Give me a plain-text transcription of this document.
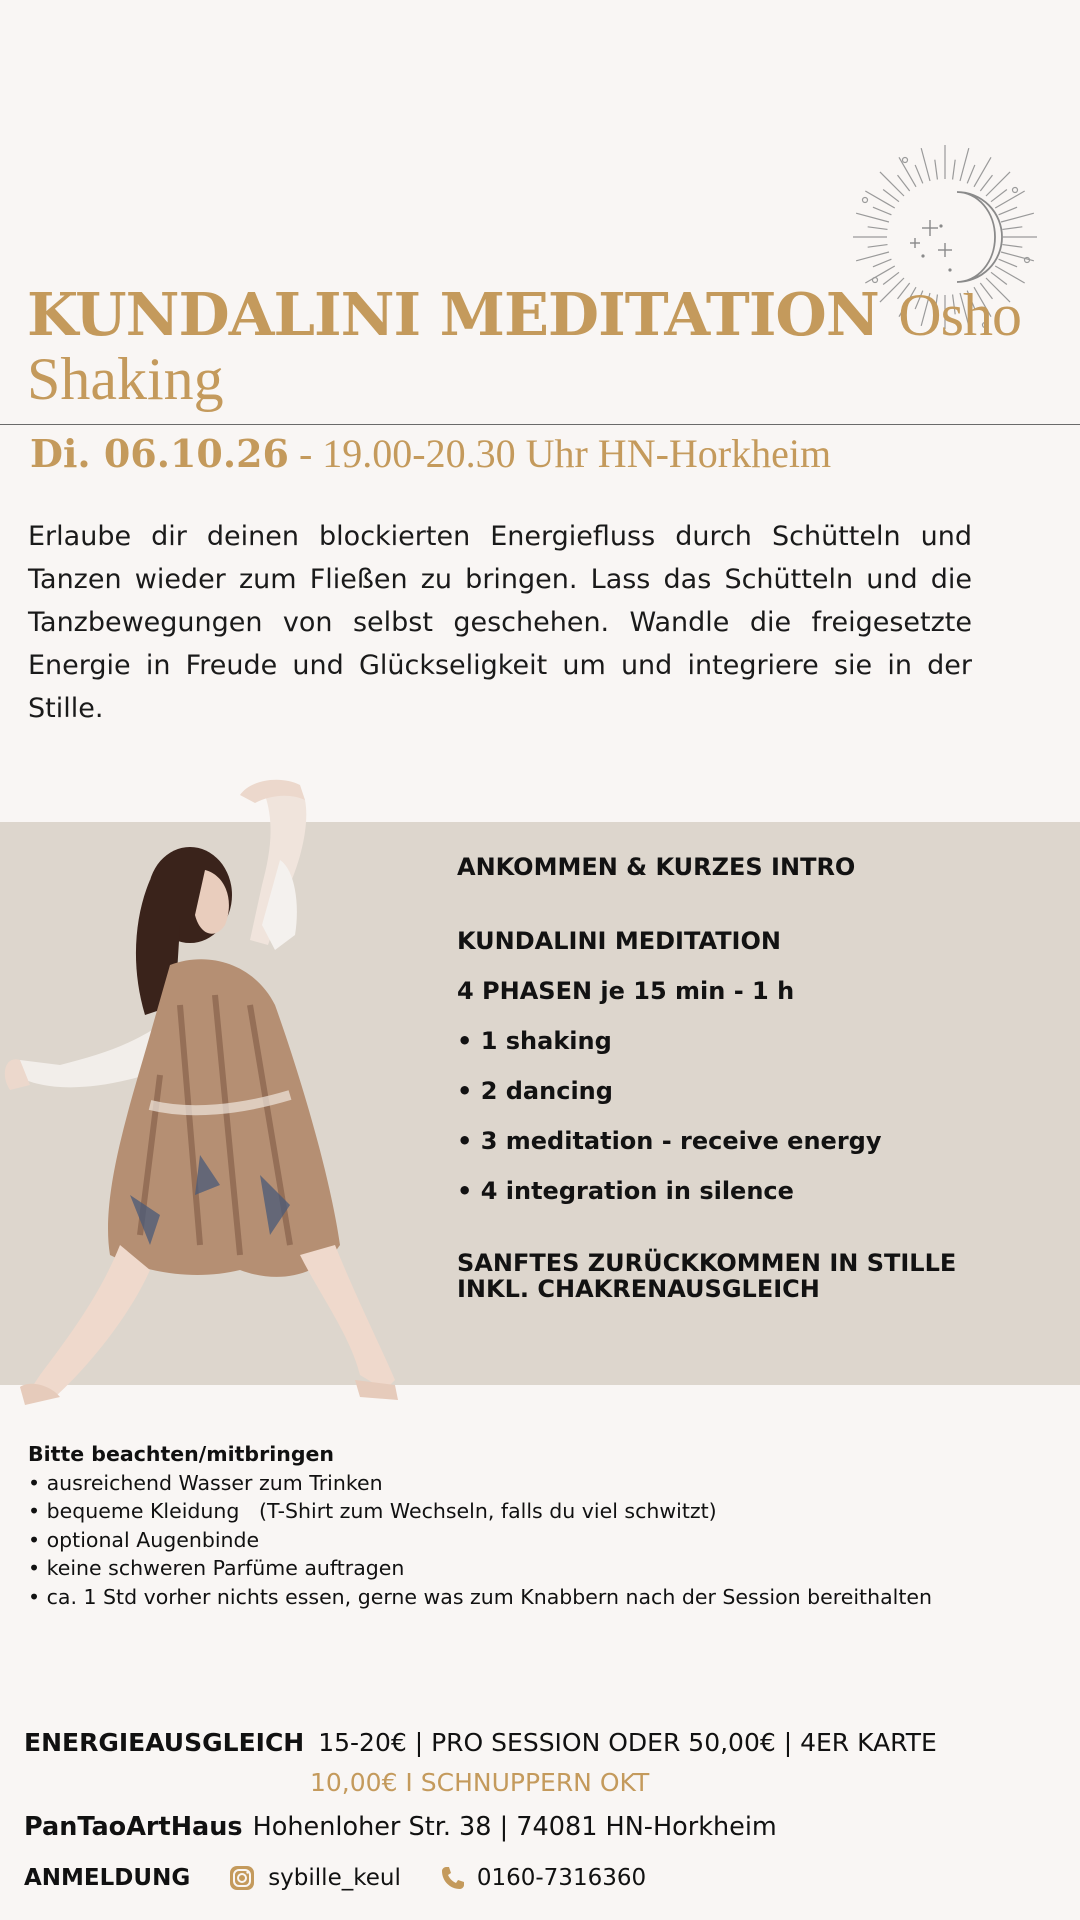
KUNDALINI MEDITATION Osho
Shaking
Di. 06.10.26 - 19.00-20.30 Uhr HN-Horkheim

Erlaube dir deinen blockierten Energiefluss durch Schütteln und Tanzen wieder zum Fließen zu bringen. Lass das Schütteln und die Tanzbewegungen von selbst geschehen. Wandle die freigesetzte Energie in Freude und Glückseligkeit um und integriere sie in der Stille.

ANKOMMEN & KURZES INTRO
KUNDALINI MEDITATION
4 PHASEN je 15 min - 1 h
• 1 shaking
• 2 dancing
• 3 meditation - receive energy
• 4 integration in silence
SANFTES ZURÜCKKOMMEN IN STILLE
INKL. CHAKRENAUSGLEICH
Bitte beachten/mitbringen
• ausreichend Wasser zum Trinken
• bequeme Kleidung   (T-Shirt zum Wechseln, falls du viel schwitzt)
• optional Augenbinde
• keine schweren Parfüme auftragen
• ca. 1 Std vorher nichts essen, gerne was zum Knabbern nach der Session bereithalten
ENERGIEAUSGLEICH 15-20€ | PRO SESSION ODER 50,00€ | 4ER KARTE
10,00€ I SCHNUPPERN OKT
PanTaoArtHaus Hohenloher Str. 38 | 74081 HN-Horkheim
ANMELDUNG	sybille_keul	0160-7316360
